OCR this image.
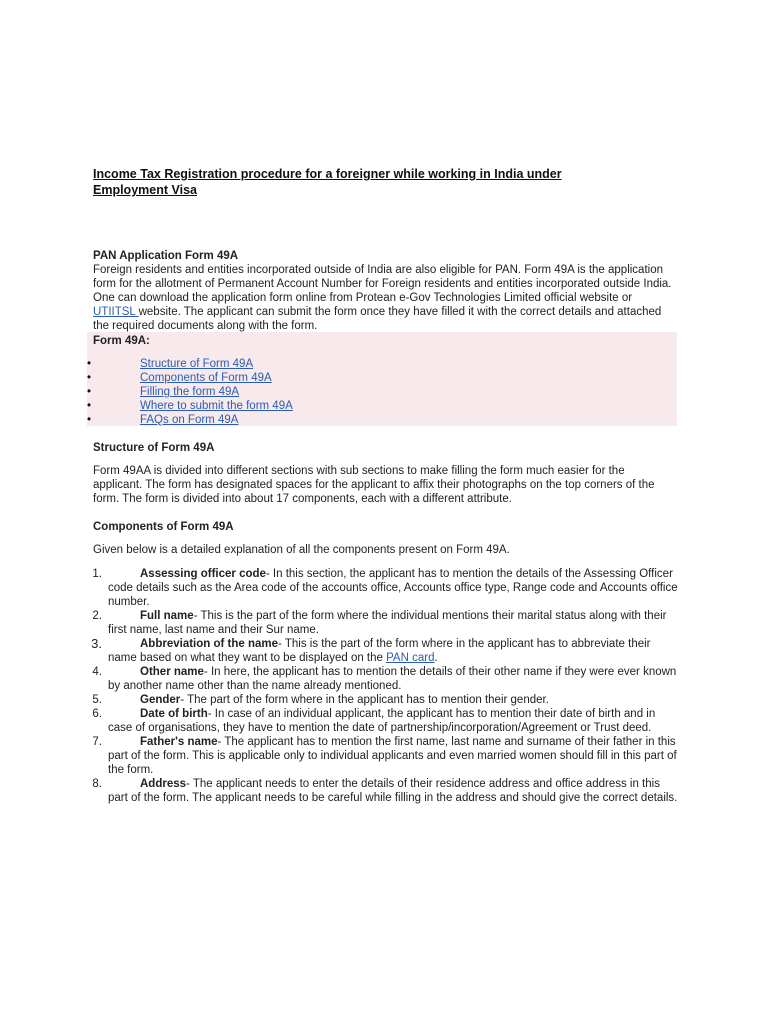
Income Tax Registration procedure for a foreigner while working in India under Employment Visa
PAN Application Form 49A

Foreign residents and entities incorporated outside of India are also eligible for PAN. Form 49A is the application form for the allotment of Permanent Account Number for Foreign residents and entities incorporated outside India. One can download the application form online from Protean e-Gov Technologies Limited official website or UTIITSL website. The applicant can submit the form once they have filled it with the correct details and attached the required documents along with the form.

Form 49A:
•	Structure of Form 49A
•	Components of Form 49A
•	Filling the form 49A
•	Where to submit the form 49A
•	FAQs on Form 49A
Structure of Form 49A

Form 49AA is divided into different sections with sub sections to make filling the form much easier for the applicant. The form has designated spaces for the applicant to affix their photographs on the top corners of the form. The form is divided into about 17 components, each with a different attribute.

Components of Form 49A

Given below is a detailed explanation of all the components present on Form 49A.

1.	Assessing officer code- In this section, the applicant has to mention the details of the Assessing Officer code details such as the Area code of the accounts office, Accounts office type, Range code and Accounts office number.
2.	Full name- This is the part of the form where the individual mentions their marital status along with their first name, last name and their Sur name.
3.	Abbreviation of the name- This is the part of the form where in the applicant has to abbreviate their name based on what they want to be displayed on the PAN card.
4.	Other name- In here, the applicant has to mention the details of their other name if they were ever known by another name other than the name already mentioned.
5.	Gender- The part of the form where in the applicant has to mention their gender.
6.	Date of birth- In case of an individual applicant, the applicant has to mention their date of birth and in case of organisations, they have to mention the date of partnership/incorporation/Agreement or Trust deed.
7.	Father's name- The applicant has to mention the first name, last name and surname of their father in this part of the form. This is applicable only to individual applicants and even married women should fill in this part of the form.
8.	Address- The applicant needs to enter the details of their residence address and office address in this part of the form. The applicant needs to be careful while filling in the address and should give the correct details.
